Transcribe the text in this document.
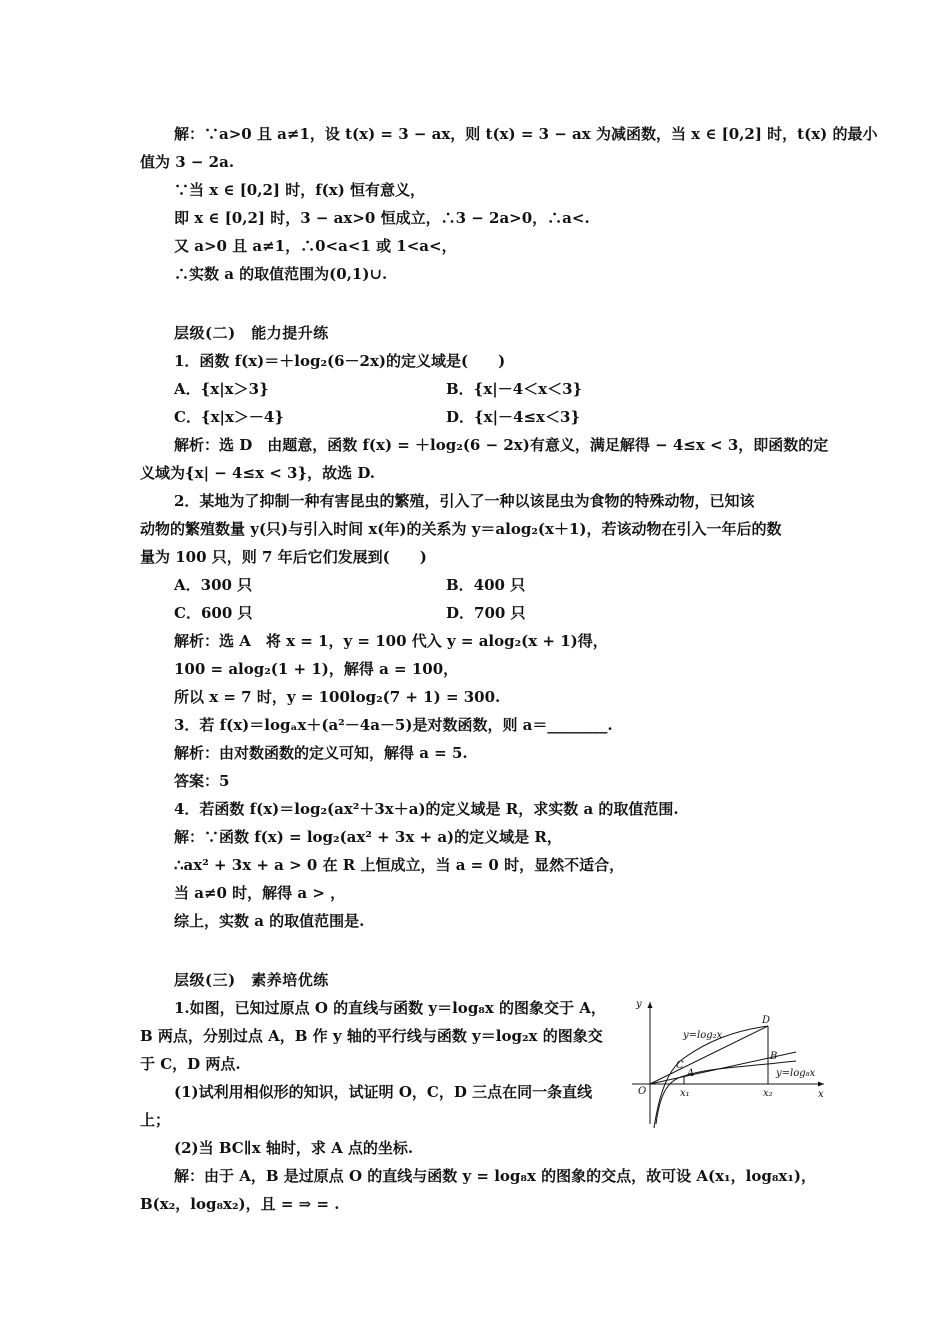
解：∵a>0 且 a≠1，设 t(x) = 3 − ax，则 t(x) = 3 − ax 为减函数，当 x ∈ [0,2] 时，t(x) 的最小
值为 3 − 2a.
∵当 x ∈ [0,2] 时，f(x) 恒有意义，
即 x ∈ [0,2] 时，3 − ax>0 恒成立，∴3 − 2a>0，∴a<.
又 a>0 且 a≠1，∴0<a<1 或 1<a<，
∴实数 a 的取值范围为(0,1)∪.
层级(二)　能力提升练
1．函数 f(x)＝＋log₂(6－2x)的定义域是(　　)
A．{x|x＞3}	B．{x|－4＜x＜3}
C．{x|x＞－4}	D．{x|－4≤x＜3}
解析：选 D　由题意，函数 f(x) = ＋log₂(6 − 2x)有意义，满足解得 − 4≤x < 3，即函数的定
义域为{x| − 4≤x < 3}，故选 D.
2．某地为了抑制一种有害昆虫的繁殖，引入了一种以该昆虫为食物的特殊动物，已知该
动物的繁殖数量 y(只)与引入时间 x(年)的关系为 y＝alog₂(x＋1)，若该动物在引入一年后的数
量为 100 只，则 7 年后它们发展到(　　)
A．300 只	B．400 只
C．600 只	D．700 只
解析：选 A　将 x = 1，y = 100 代入 y = alog₂(x + 1)得，
100 = alog₂(1 + 1)，解得 a = 100，
所以 x = 7 时，y = 100log₂(7 + 1) = 300.
3．若 f(x)＝logₐx＋(a²－4a－5)是对数函数，则 a＝________.
解析：由对数函数的定义可知，解得 a = 5.
答案：5
4．若函数 f(x)＝log₂(ax²＋3x＋a)的定义域是 R，求实数 a 的取值范围.
解：∵函数 f(x) = log₂(ax² + 3x + a)的定义域是 R，
∴ax² + 3x + a > 0 在 R 上恒成立，当 a = 0 时，显然不适合，
当 a≠0 时，解得 a > ，
综上，实数 a 的取值范围是.
层级(三)　素养培优练
1.如图，已知过原点 O 的直线与函数 y＝log₈x 的图象交于 A，
B 两点，分别过点 A，B 作 y 轴的平行线与函数 y＝log₂x 的图象交
于 C，D 两点.
(1)试利用相似形的知识，试证明 O，C，D 三点在同一条直线
上；
(2)当 BC∥x 轴时，求 A 点的坐标.
解：由于 A，B 是过原点 O 的直线与函数 y = log₈x 的图象的交点，故可设 A(x₁，log₈x₁)，
B(x₂，log₈x₂)，且 = ⇒ = .
y
x
O
y=log₂x
y=log₈x
A
B
C
D
x₁	x₂
